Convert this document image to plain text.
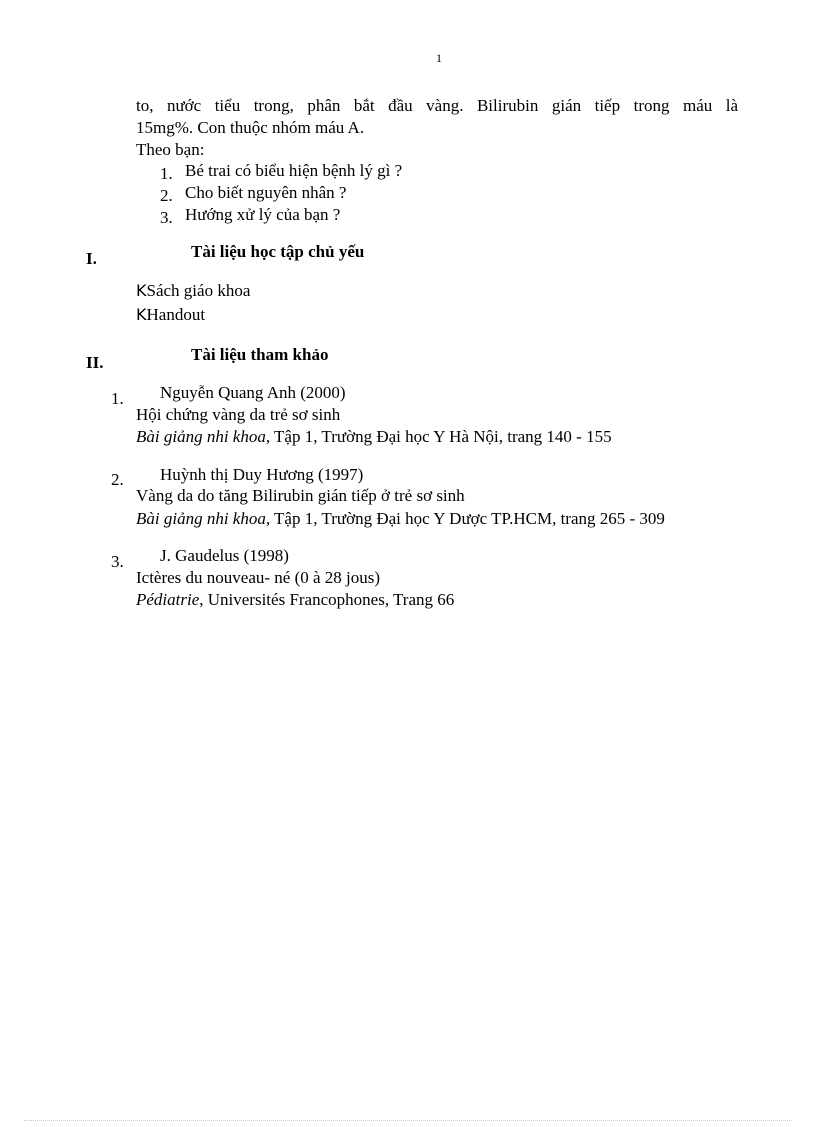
1
to, nước tiểu trong, phân bắt đầu vàng. Bilirubin gián tiếp trong máu là
15mg%. Con thuộc nhóm máu A.
Theo bạn:
1. Bé trai có biểu hiện bệnh lý gì ?
2. Cho biết nguyên nhân ?
3. Hướng xử lý của bạn ?
I.	Tài liệu học tập chủ yếu
KSách giáo khoa
KHandout
II.	Tài liệu tham khảo
1. Nguyễn Quang Anh (2000)
Hội chứng vàng da trẻ sơ sinh
Bài giảng nhi khoa, Tập 1, Trường Đại học Y Hà Nội, trang 140 - 155
2. Huỳnh thị Duy Hương (1997)
Vàng da do tăng Bilirubin gián tiếp ở trẻ sơ sinh
Bài giảng nhi khoa, Tập 1, Trường Đại học Y Dược TP.HCM, trang 265 - 309
3. J. Gaudelus (1998)
Ictères du nouveau- né (0 à 28 jous)
Pédiatrie, Universités Francophones, Trang 66
